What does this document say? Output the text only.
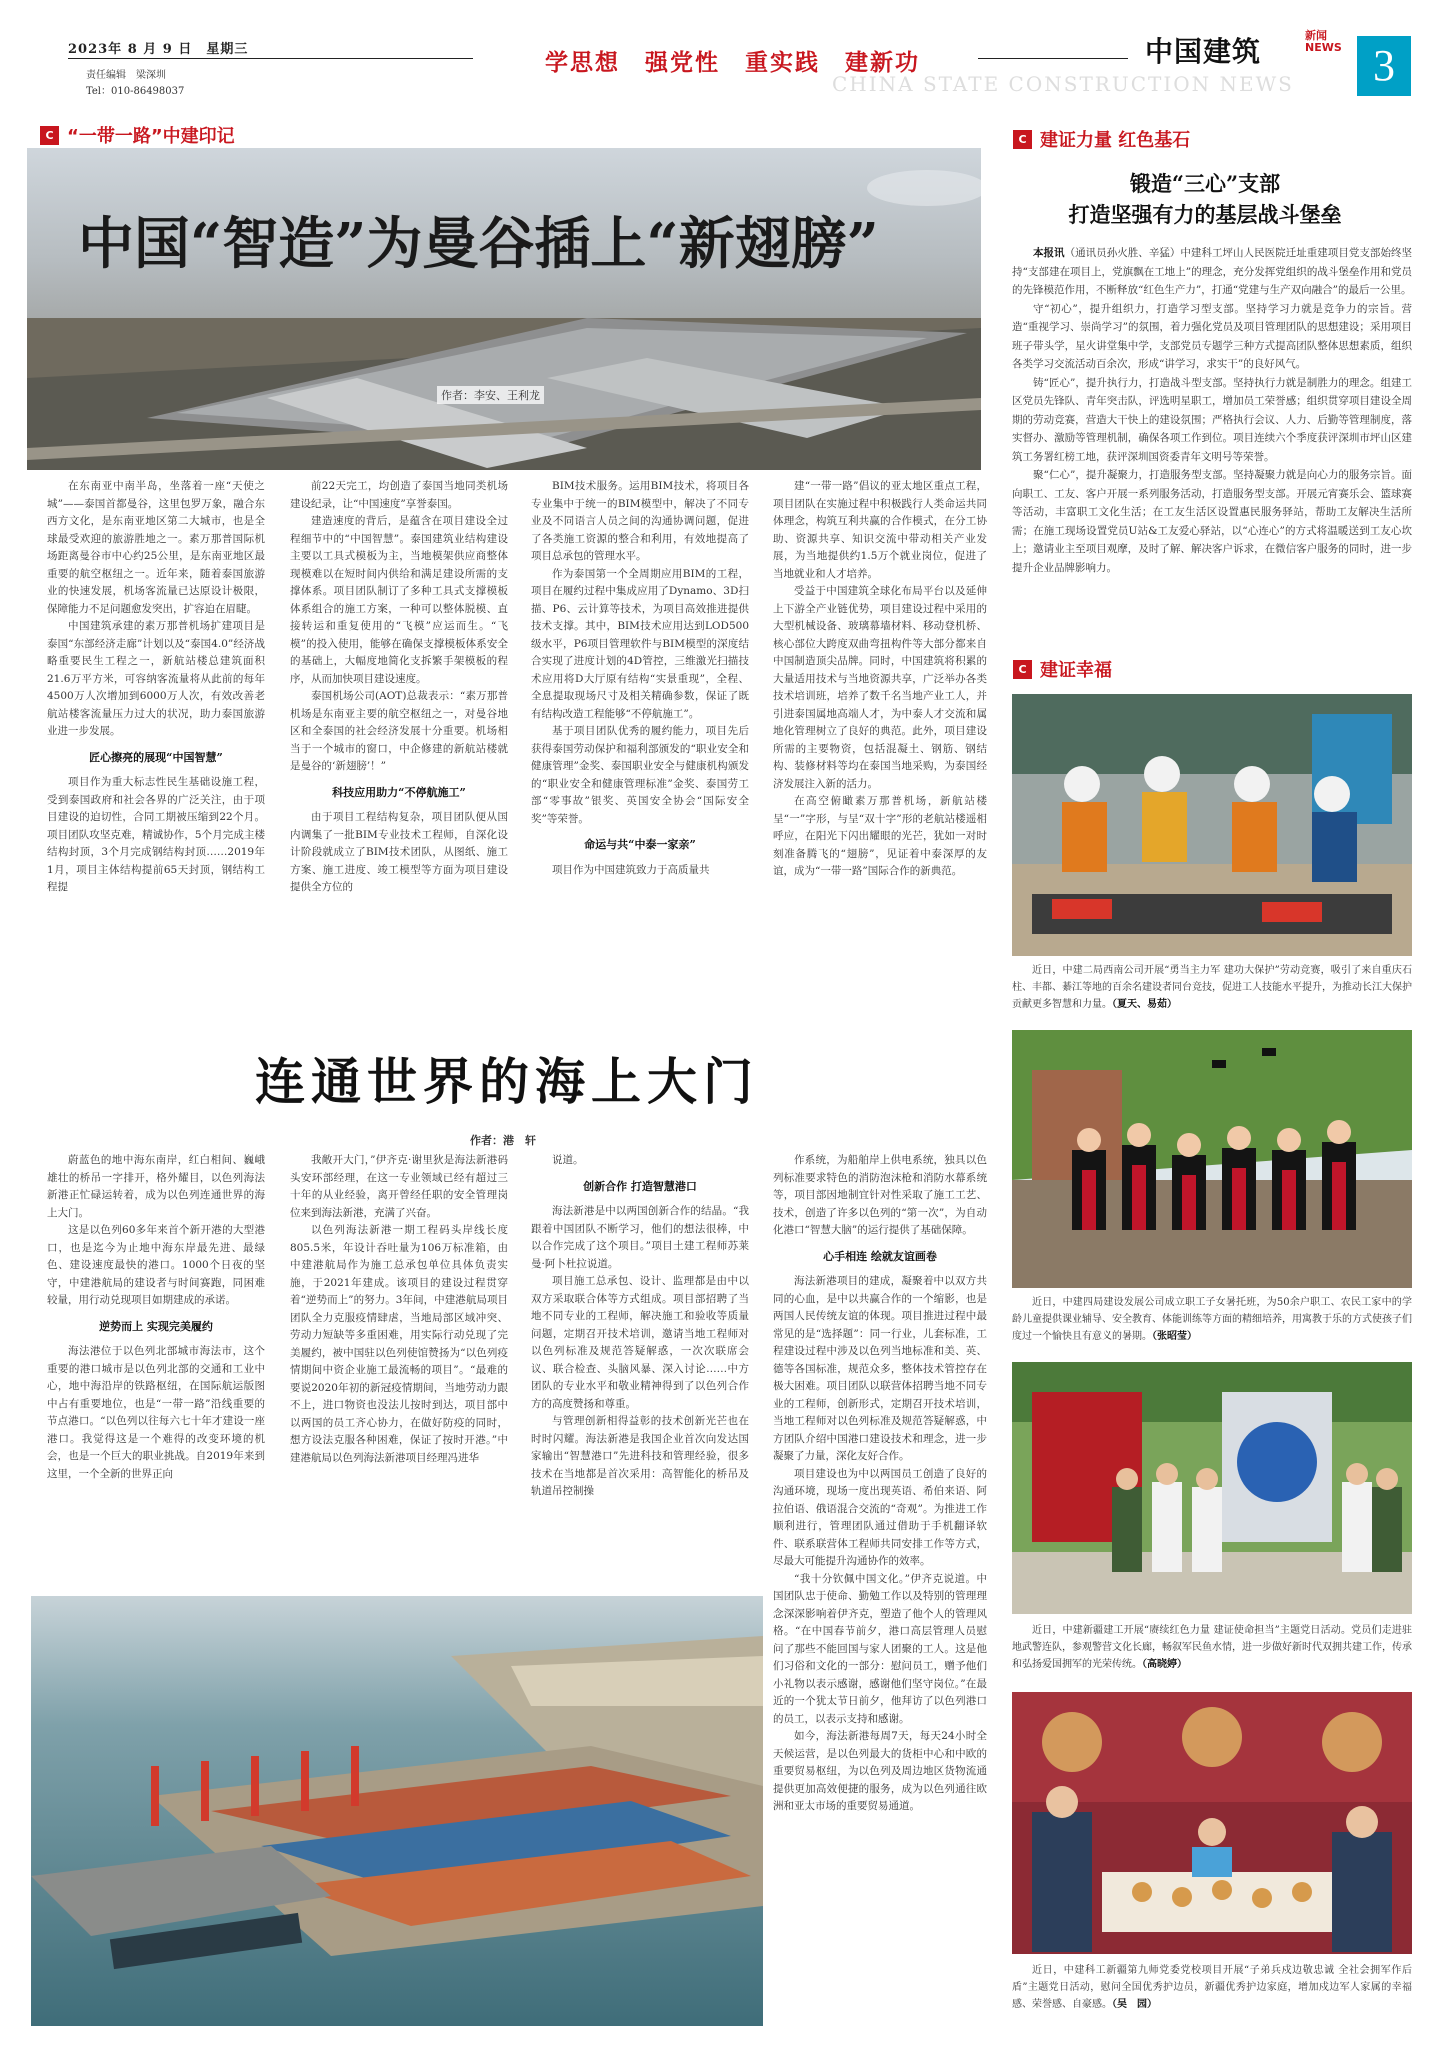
2023年 8 月 9 日　星期三
责任编辑　梁深圳
Tel：010-86498037
学思想　强党性　重实践　建新功	中国建筑	新闻
NEWS
CHINA STATE CONSTRUCTION NEWS	3
C “一带一路”中建印记
中国“智造”为曼谷插上“新翅膀”
作者：李安、王利龙

在东南亚中南半岛，坐落着一座“天使之城”——泰国首都曼谷，这里包罗万象，融合东西方文化，是东南亚地区第二大城市，也是全球最受欢迎的旅游胜地之一。素万那普国际机场距离曼谷市中心约25公里，是东南亚地区最重要的航空枢纽之一。近年来，随着泰国旅游业的快速发展，机场客流量已达原设计极限，保障能力不足问题愈发突出，扩容迫在眉睫。

中国建筑承建的素万那普机场扩建项目是泰国“东部经济走廊”计划以及“泰国4.0”经济战略重要民生工程之一，新航站楼总建筑面积21.6万平方米，可容纳客流量将从此前的每年4500万人次增加到6000万人次，有效改善老航站楼客流量压力过大的状况，助力泰国旅游业进一步发展。

匠心擦亮的展现“中国智慧”

项目作为重大标志性民生基础设施工程，受到泰国政府和社会各界的广泛关注，由于项目建设的迫切性，合同工期被压缩到22个月。项目团队攻坚克难，精诚协作，5个月完成主楼结构封顶，3个月完成钢结构封顶……2019年1月，项目主体结构提前65天封顶，钢结构工程提

前22天完工，均创造了泰国当地同类机场建设纪录，让“中国速度”享誉泰国。

建造速度的背后，是蕴含在项目建设全过程细节中的“中国智慧”。泰国建筑业结构建设主要以工具式模板为主，当地模架供应商整体现模难以在短时间内供给和满足建设所需的支撑体系。项目团队制订了多种工具式支撑模板体系组合的施工方案，一种可以整体脱模、直接转运和重复使用的“飞模”应运而生。“飞模”的投入使用，能够在确保支撑模板体系安全的基础上，大幅度地简化支拆繁手架模板的程序，从而加快项目建设速度。

泰国机场公司(AOT)总裁表示：“素万那普机场是东南亚主要的航空枢纽之一，对曼谷地区和全泰国的社会经济发展十分重要。机场相当于一个城市的窗口，中企修建的新航站楼就是曼谷的‘新翅膀’！”

科技应用助力“不停航施工”

由于项目工程结构复杂，项目团队便从国内调集了一批BIM专业技术工程师，自深化设计阶段就成立了BIM技术团队，从图纸、施工方案、施工进度、竣工模型等方面为项目建设提供全方位的

BIM技术服务。运用BIM技术，将项目各专业集中于统一的BIM模型中，解决了不同专业及不同语言人员之间的沟通协调问题，促进了各类施工资源的整合和利用，有效地提高了项目总承包的管理水平。

作为泰国第一个全周期应用BIM的工程，项目在履约过程中集成应用了Dynamo、3D扫描、P6、云计算等技术，为项目高效推进提供技术支撑。其中，BIM技术应用达到LOD500级水平，P6项目管理软件与BIM模型的深度结合实现了进度计划的4D管控，三维激光扫描技术应用将D大厅原有结构“实景重现”，全程、全息提取现场尺寸及相关精确参数，保证了既有结构改造工程能够“不停航施工”。

基于项目团队优秀的履约能力，项目先后获得泰国劳动保护和福利部颁发的“职业安全和健康管理”金奖、泰国职业安全与健康机构颁发的“职业安全和健康管理标准”金奖、泰国劳工部“零事故”银奖、英国安全协会“国际安全奖”等荣誉。

命运与共“中泰一家亲”

项目作为中国建筑致力于高质量共

建“一带一路”倡议的亚太地区重点工程，项目团队在实施过程中积极践行人类命运共同体理念，构筑互利共赢的合作模式，在分工协助、资源共享、知识交流中带动相关产业发展，为当地提供约1.5万个就业岗位，促进了当地就业和人才培养。

受益于中国建筑全球化布局平台以及延伸上下游全产业链优势，项目建设过程中采用的大型机械设备、玻璃幕墙材料、移动登机桥、核心部位大跨度双曲弯扭构件等大部分都来自中国制造顶尖品牌。同时，中国建筑将积累的大量适用技术与当地资源共享，广泛举办各类技术培训班，培养了数千名当地产业工人，并引进泰国属地高端人才，为中泰人才交流和属地化管理树立了良好的典范。此外，项目建设所需的主要物资，包括混凝土、钢筋、钢结构、装修材料等均在泰国当地采购，为泰国经济发展注入新的活力。

在高空俯瞰素万那普机场，新航站楼呈“一”字形，与呈“双十字”形的老航站楼遥相呼应，在阳光下闪出耀眼的光芒，犹如一对时刻准备腾飞的“翅膀”，见证着中泰深厚的友谊，成为“一带一路”国际合作的新典范。

连通世界的海上大门
作者：港　轩

蔚蓝色的地中海东南岸，红白相间、巍峨雄壮的桥吊一字排开，格外耀目，以色列海法新港正忙碌运转着，成为以色列连通世界的海上大门。

这是以色列60多年来首个新开港的大型港口，也是迄今为止地中海东岸最先进、最绿色、建设速度最快的港口。1000个日夜的坚守，中建港航局的建设者与时间赛跑，同困难较量，用行动兑现项目如期建成的承诺。

逆势而上 实现完美履约

海法港位于以色列北部城市海法市，这个重要的港口城市是以色列北部的交通和工业中心，地中海沿岸的铁路枢纽，在国际航运版图中占有重要地位，也是“一带一路”沿线重要的节点港口。“以色列以往每六七十年才建设一座港口。我觉得这是一个难得的改变环境的机会，也是一个巨大的职业挑战。自2019年来到这里，一个全新的世界正向

我敞开大门，”伊齐克·谢里狄是海法新港码头安环部经理，在这一专业领域已经有超过三十年的从业经验，离开曾经任职的安全管理岗位来到海法新港，充满了兴奋。

以色列海法新港一期工程码头岸线长度805.5米，年设计吞吐量为106万标准箱，由中建港航局作为施工总承包单位具体负责实施，于2021年建成。该项目的建设过程贯穿着“逆势而上”的努力。3年间，中建港航局项目团队全力克服疫情肆虐，当地局部区域冲突、劳动力短缺等多重困难，用实际行动兑现了完美履约，被中国驻以色列使馆赞扬为“以色列疫情期间中资企业施工最流畅的项目”。“最难的要说2020年初的新冠疫情期间，当地劳动力跟不上，进口物资也没法儿按时到达，项目部中以两国的员工齐心协力，在做好防疫的同时，想方设法克服各种困难，保证了按时开港。”中建港航局以色列海法新港项目经理冯进华

说道。

创新合作 打造智慧港口

海法新港是中以两国创新合作的结晶。“我跟着中国团队不断学习，他们的想法很棒，中以合作完成了这个项目。”项目土建工程师苏莱曼·阿卜杜拉说道。

项目施工总承包、设计、监理都是由中以双方采取联合体等方式组成。项目部招聘了当地不同专业的工程师，解决施工和验收等质量问题，定期召开技术培训，邀请当地工程师对以色列标准及规范答疑解惑，一次次联席会议、联合检查、头脑风暴、深入讨论……中方团队的专业水平和敬业精神得到了以色列合作方的高度赞扬和尊重。

与管理创新相得益彰的技术创新光芒也在时时闪耀。海法新港是我国企业首次向发达国家输出“智慧港口”先进科技和管理经验，很多技术在当地都是首次采用：高智能化的桥吊及轨道吊控制操

作系统，为船舶岸上供电系统，独具以色列标准要求特色的消防泡沫枪和消防水幕系统等，项目部因地制宜针对性采取了施工工艺、技术，创造了许多以色列的“第一次”，为自动化港口“智慧大脑”的运行提供了基础保障。

心手相连 绘就友谊画卷

海法新港项目的建成，凝聚着中以双方共同的心血，是中以共赢合作的一个缩影，也是两国人民传统友谊的体现。项目推进过程中最常见的是“选择题”：同一行业，儿套标准，工程建设过程中涉及以色列当地标准和美、英、德等各国标准，规范众多，整体技术管控存在极大困难。项目团队以联营体招聘当地不同专业的工程师，创新形式，定期召开技术培训，当地工程师对以色列标准及规范答疑解惑，中方团队介绍中国港口建设技术和理念，进一步凝聚了力量，深化友好合作。

项目建设也为中以两国员工创造了良好的沟通环境，现场一度出现英语、希伯来语、阿拉伯语、俄语混合交流的“奇观”。为推进工作顺利进行，管理团队通过借助于手机翻译软件、联系联营体工程师共同安排工作等方式，尽最大可能提升沟通协作的效率。

“我十分钦佩中国文化。”伊齐克说道。中国团队忠于使命、勤勉工作以及特别的管理理念深深影响着伊齐克，塑造了他个人的管理风格。“在中国春节前夕，港口高层管理人员慰问了那些不能回国与家人团聚的工人。这是他们习俗和文化的一部分：慰问员工，赠予他们小礼物以表示感谢，感谢他们坚守岗位。”在最近的一个犹太节日前夕，他拜访了以色列港口的员工，以表示支持和感谢。

如今，海法新港每周7天，每天24小时全天候运营，是以色列最大的货柜中心和中欧的重要贸易枢纽，为以色列及周边地区货物流通提供更加高效便捷的服务，成为以色列通往欧洲和亚太市场的重要贸易通道。

C 建证力量 红色基石
锻造“三心”支部
打造坚强有力的基层战斗堡垒

本报讯（通讯员孙火胜、辛猛）中建科工坪山人民医院迁址重建项目党支部始终坚持“支部建在项目上，党旗飘在工地上”的理念，充分发挥党组织的战斗堡垒作用和党员的先锋模范作用，不断释放“红色生产力”，打通“党建与生产双向融合”的最后一公里。

守“初心”，提升组织力，打造学习型支部。坚持学习力就是竞争力的宗旨。营造“重视学习、崇尚学习”的氛围，着力强化党员及项目管理团队的思想建设；采用项目班子带头学，星火讲堂集中学，支部党员专题学三种方式提高团队整体思想素质，组织各类学习交流活动百余次，形成“讲学习，求实干”的良好风气。

铸“匠心”，提升执行力，打造战斗型支部。坚持执行力就是制胜力的理念。组建工区党员先锋队、青年突击队，评选明星职工，增加员工荣誉感；组织贯穿项目建设全周期的劳动竞赛，营造大干快上的建设氛围；严格执行会议、人力、后勤等管理制度，落实督办、激励等管理机制，确保各项工作到位。项目连续六个季度获评深圳市坪山区建筑工务署红榜工地，获评深圳国资委青年文明号等荣誉。

聚“仁心”，提升凝聚力，打造服务型支部。坚持凝聚力就是向心力的服务宗旨。面向职工、工友、客户开展一系列服务活动，打造服务型支部。开展元宵赛乐会、篮球赛等活动，丰富职工文化生活；在工友生活区设置惠民服务驿站，帮助工友解决生活所需；在施工现场设置党员U站&工友爱心驿站，以“心连心”的方式将温暖送到工友心坎上；邀请业主至项目观摩，及时了解、解决客户诉求，在微信客户服务的同时，进一步提升企业品牌影响力。

C 建证幸福
近日，中建二局西南公司开展“勇当主力军 建功大保护”劳动竞赛，吸引了来自重庆石柱、丰都、綦江等地的百余名建设者同台竞技，促进工人技能水平提升，为推动长江大保护贡献更多智慧和力量。（夏天、易茹）
近日，中建四局建设发展公司成立职工子女暑托班，为50余户职工、农民工家中的学龄儿童提供课业辅导、安全教育、体能训练等方面的精细培养，用寓教于乐的方式使孩子们度过一个愉快且有意义的暑期。（张昭莹）
近日，中建新疆建工开展“赓续红色力量 建证使命担当”主题党日活动。党员们走进驻地武警连队，参观警营文化长廊，畅叙军民鱼水情，进一步做好新时代双拥共建工作，传承和弘扬爱国拥军的光荣传统。（高晓婷）
近日，中建科工新疆第九师党委党校项目开展“子弟兵戍边敬忠诚 全社会拥军作后盾”主题党日活动，慰问全国优秀护边员，新疆优秀护边家庭，增加戍边军人家属的幸福感、荣誉感、自豪感。（吴　园）
